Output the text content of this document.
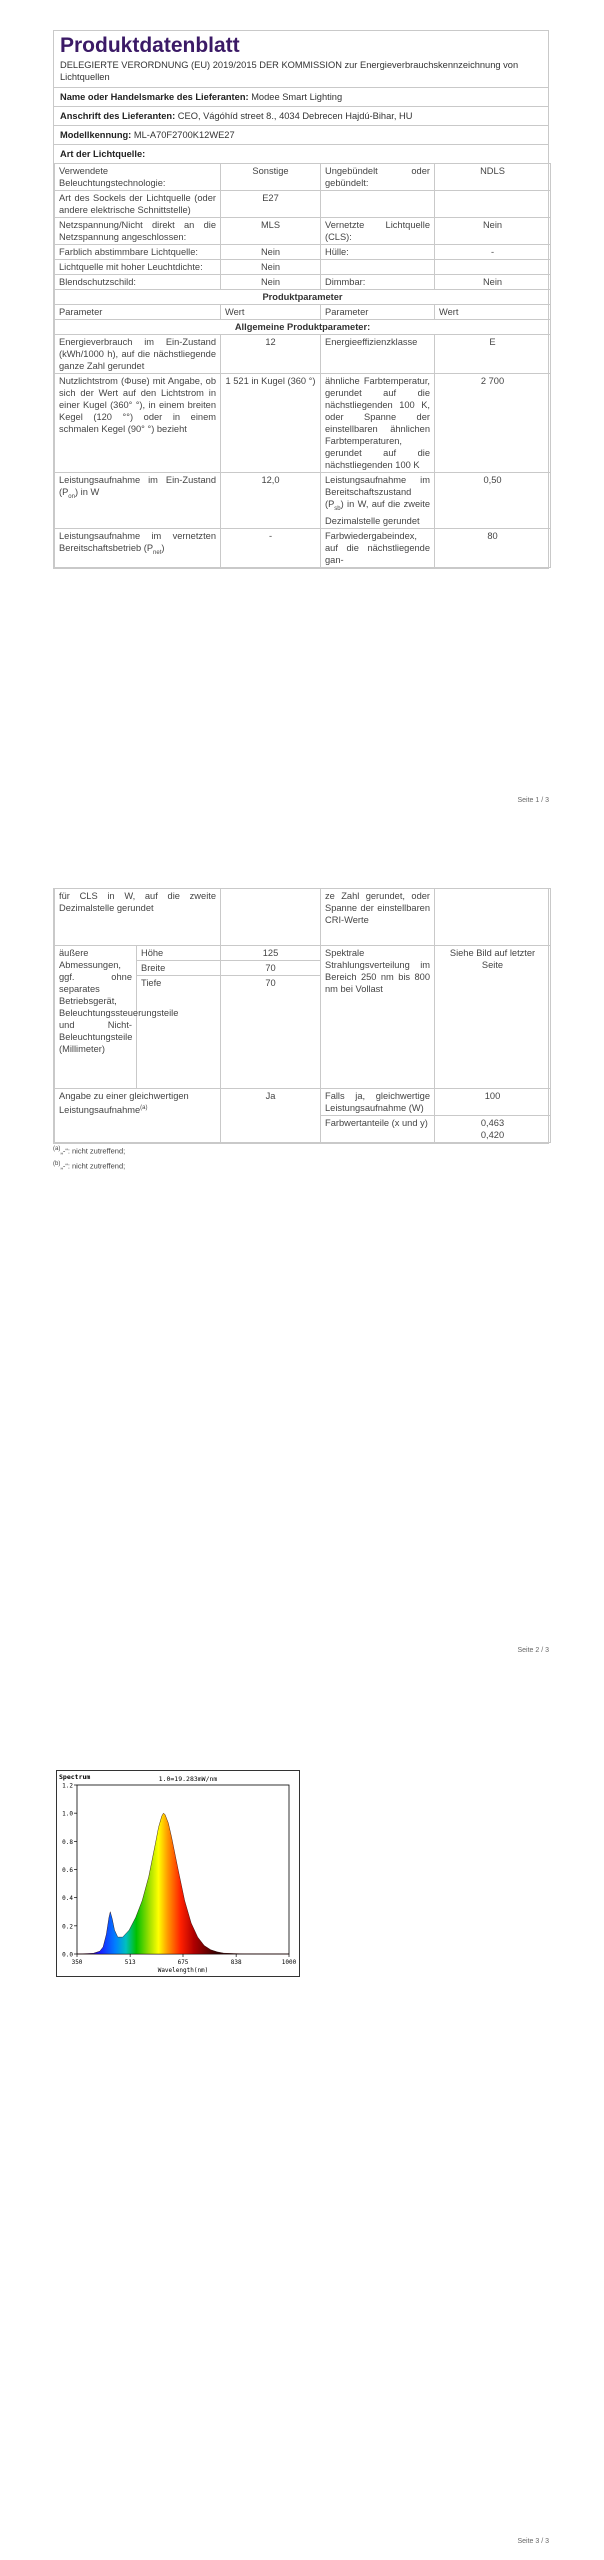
Produktdatenblatt
DELEGIERTE VERORDNUNG (EU) 2019/2015 DER KOMMISSION zur Energieverbrauchskennzeichnung von Lichtquellen
Name oder Handelsmarke des Lieferanten: Modee Smart Lighting
Anschrift des Lieferanten: CEO, Vágóhíd street 8., 4034 Debrecen Hajdú-Bihar, HU
Modellkennung: ML-A70F2700K12WE27
Art der Lichtquelle:
Verwendete Beleuchtungstechnologie:	Sonstige	Ungebündelt oder gebündelt:	NDLS
Art des Sockels der Lichtquelle (oder andere elektrische Schnittstelle)	E27		
Netzspannung/Nicht direkt an die Netzspannung angeschlossen:	MLS	Vernetzte Lichtquelle (CLS):	Nein
Farblich abstimmbare Lichtquelle:	Nein	Hülle:	-
Lichtquelle mit hoher Leuchtdichte:	Nein		
Blendschutzschild:	Nein	Dimmbar:	Nein
Produktparameter			
Parameter	Wert	Parameter	Wert
Allgemeine Produktparameter:			
Energieverbrauch im Ein-Zustand (kWh/1000 h), auf die nächstliegende ganze Zahl gerundet	12	Energieeffizienzklasse	E
Nutzlichtstrom (Φuse) mit Angabe, ob sich der Wert auf den Lichtstrom in einer Kugel (360° °), in einem breiten Kegel (120 °°) oder in einem schmalen Kegel (90° °) bezieht	1 521 in Kugel (360 °)	ähnliche Farbtemperatur, gerundet auf die nächstliegenden 100 K, oder Spanne der einstellbaren ähnlichen Farbtemperaturen, gerundet auf die nächstliegenden 100 K	2 700
Leistungsaufnahme im Ein-Zustand $(P_{on})$ in W	12,0	Leistungsaufnahme im Bereitschaftszustand $(P_{sb})$ in W, auf die zweite Dezimalstelle gerundet	0,50
Leistungsaufnahme im vernetzten Bereitschaftsbetrieb $(P_{net})$	-	Farbwiedergabeindex, auf die nächstliegende gan-	80
Seite 1 / 3
für CLS in W, auf die zweite Dezimalstelle gerundet			ze Zahl gerundet, oder Spanne der einstellbaren CRI-Werte	
äußere Abmessungen, ggf. ohne separates Betriebsgerät, Beleuchtungssteuerungsteile und Nicht-Beleuchtungsteile (Millimeter)	Höhe	125	Spektrale Strahlungsverteilung im Bereich 250 nm bis 800 nm bei Vollast	Siehe Bild auf letzter Seite
	Breite	70		
	Tiefe	70		
Angabe zu einer gleichwertigen Leistungsaufnahme$^{(a)}$		Ja	Falls ja, gleichwertige Leistungsaufnahme (W)	100
			Farbwertanteile (x und y)	0,463
0,420
$^{(a)}$„-“: nicht zutreffend;
$^{(b)}$„-“: nicht zutreffend;
Seite 2 / 3
0.0
0.2
0.4
0.6
0.8
1.0
1.2
350	513	675	838	1000
1.0=19.283mW/nm
Spectrum
Wavelength(nm)
Seite 3 / 3
